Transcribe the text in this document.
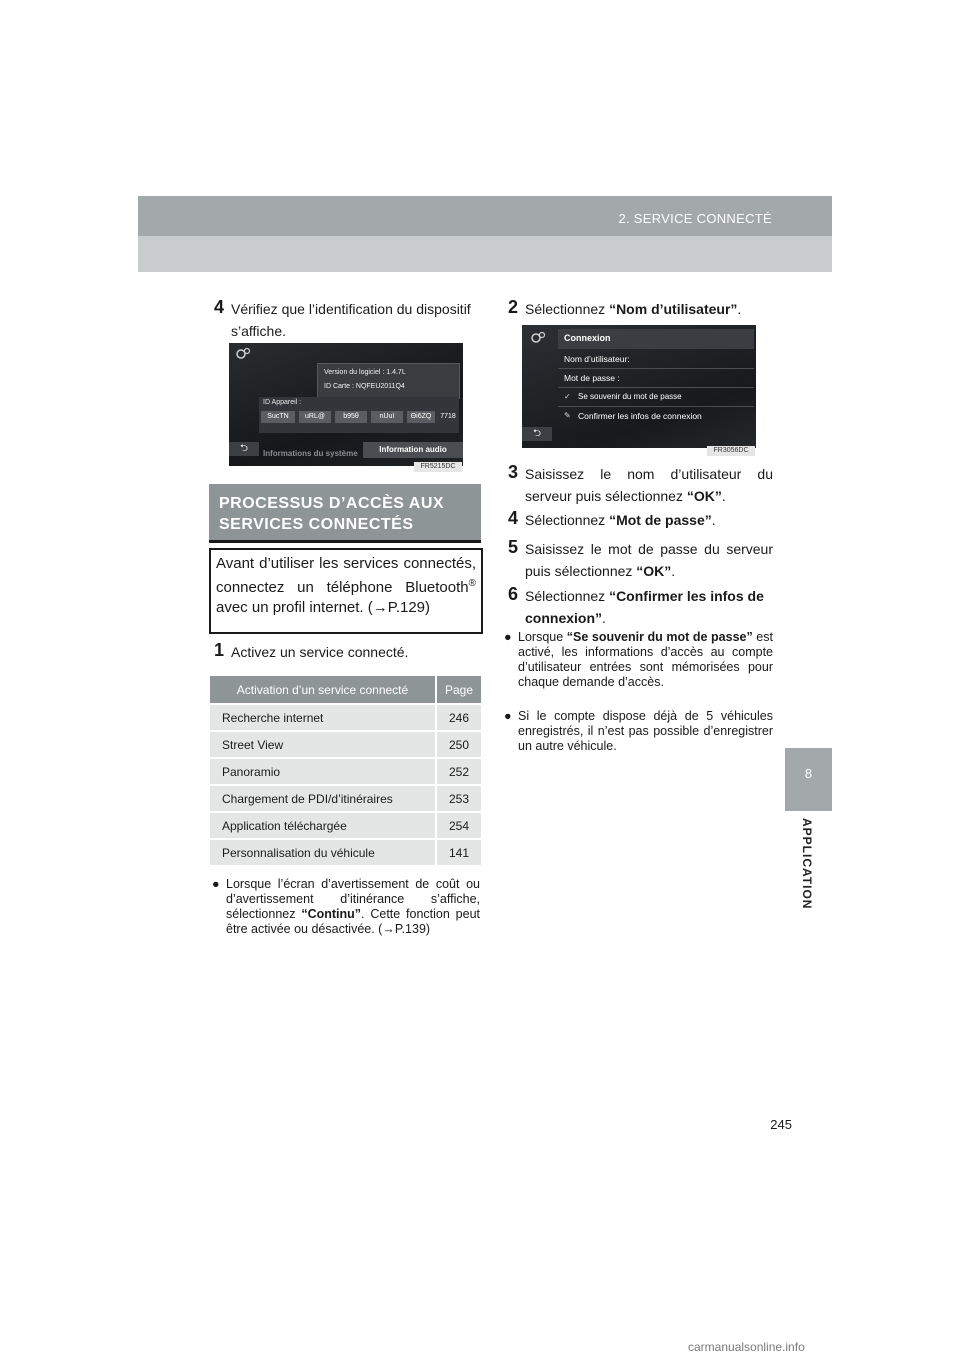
2. SERVICE CONNECTÉ
8
APPLICATION
4 Vérifiez que l’identification du dispositif s’affiche.
Version du logiciel : 1.4.7L
ID Carte : NQFEU2011Q4
ID Appareil :
SucTN	uRL@	b95θ	nUuI	Θi6ZQ	7718
⮌	Informations du système	Information audio
FR5215DC
PROCESSUS D’ACCÈS AUX SERVICES CONNECTÉS
Avant d’utiliser les services connectés, connectez un téléphone Bluetooth® avec un profil internet. (→P.129)
1 Activez un service connecté.
Activation d’un service connecté	Page
Recherche internet	246
Street View	250
Panoramio	252
Chargement de PDI/d’itinéraires	253
Application téléchargée	254
Personnalisation du véhicule	141
● Lorsque l’écran d’avertissement de coût ou d’avertissement d’itinérance s’affiche, sélectionnez “Continu”. Cette fonction peut être activée ou désactivée. (→P.139)
2 Sélectionnez “Nom d’utilisateur”.
Connexion
Nom d’utilisateur:
Mot de passe :
✓ Se souvenir du mot de passe
✎ Confirmer les infos de connexion
⮌
FR3056DC
3 Saisissez le nom d’utilisateur du serveur puis sélectionnez “OK”.
4 Sélectionnez “Mot de passe”.
5 Saisissez le mot de passe du serveur puis sélectionnez “OK”.
6 Sélectionnez “Confirmer les infos de connexion”.
● Lorsque “Se souvenir du mot de passe” est activé, les informations d’accès au compte d’utilisateur entrées sont mémorisées pour chaque demande d’accès.
● Si le compte dispose déjà de 5 véhicules enregistrés, il n’est pas possible d’enregistrer un autre véhicule.
245
carmanualsonline.info
